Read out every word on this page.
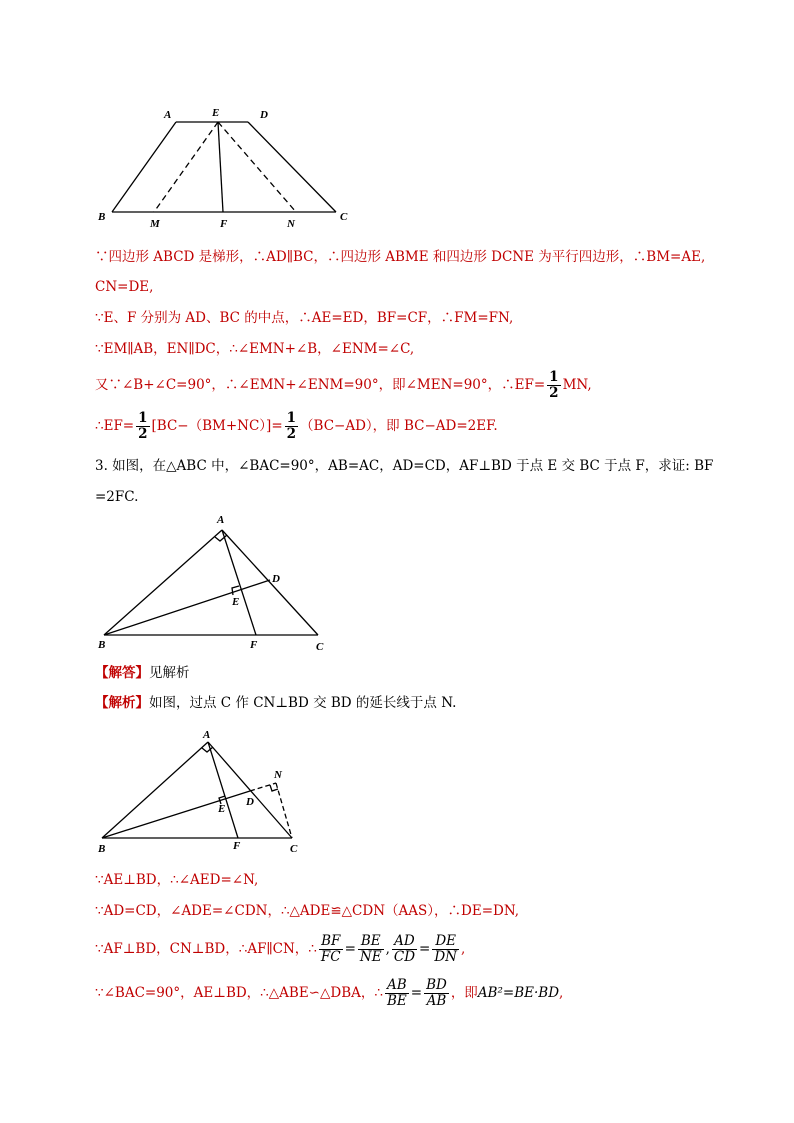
A	E	D
B
M	F	N
C
∵四边形 ABCD 是梯形，∴AD∥BC，∴四边形 ABME 和四边形 DCNE 为平行四边形，∴BM=AE,
CN=DE,
∵E、F 分别为 AD、BC 的中点，∴AE=ED，BF=CF，∴FM=FN,
∵EM∥AB，EN∥DC，∴∠EMN+∠B，∠ENM=∠C,
又∵∠B+∠C=90°，∴∠EMN+∠ENM=90°，即∠MEN=90°，∴EF= $\frac{1}{2}$ MN,
∴EF= $\frac{1}{2} [BC-(BM+NC)]= \frac{1}{2} (BC-AD)$，即 BC−AD=2EF.
3. 如图，在△ABC 中，∠BAC=90°，AB=AC，AD=CD，AF⊥BD 于点 E 交 BC 于点 F，求证: BF
=2FC.
A
D
E
B	F	C
【解答】见解析
【解析】如图，过点 C 作 CN⊥BD 交 BD 的延长线于点 N.
A
N
D
E
B	F	C
∵AE⊥BD，∴∠AED=∠N,
∵AD=CD，∠ADE=∠CDN，∴△ADE≌△CDN（AAS），∴DE=DN,
∵AF⊥BD，CN⊥BD，∴AF∥CN，∴ $\frac{BF}{FC} = \frac{BE}{NE}$ , $\frac{AD}{CD} = \frac{DE}{DN}$ ,
∵∠BAC=90°，AE⊥BD，∴△ABE∽△DBA，∴ $\frac{AB}{BE} = \frac{BD}{AB}$ ，即AB²=BE·BD,
